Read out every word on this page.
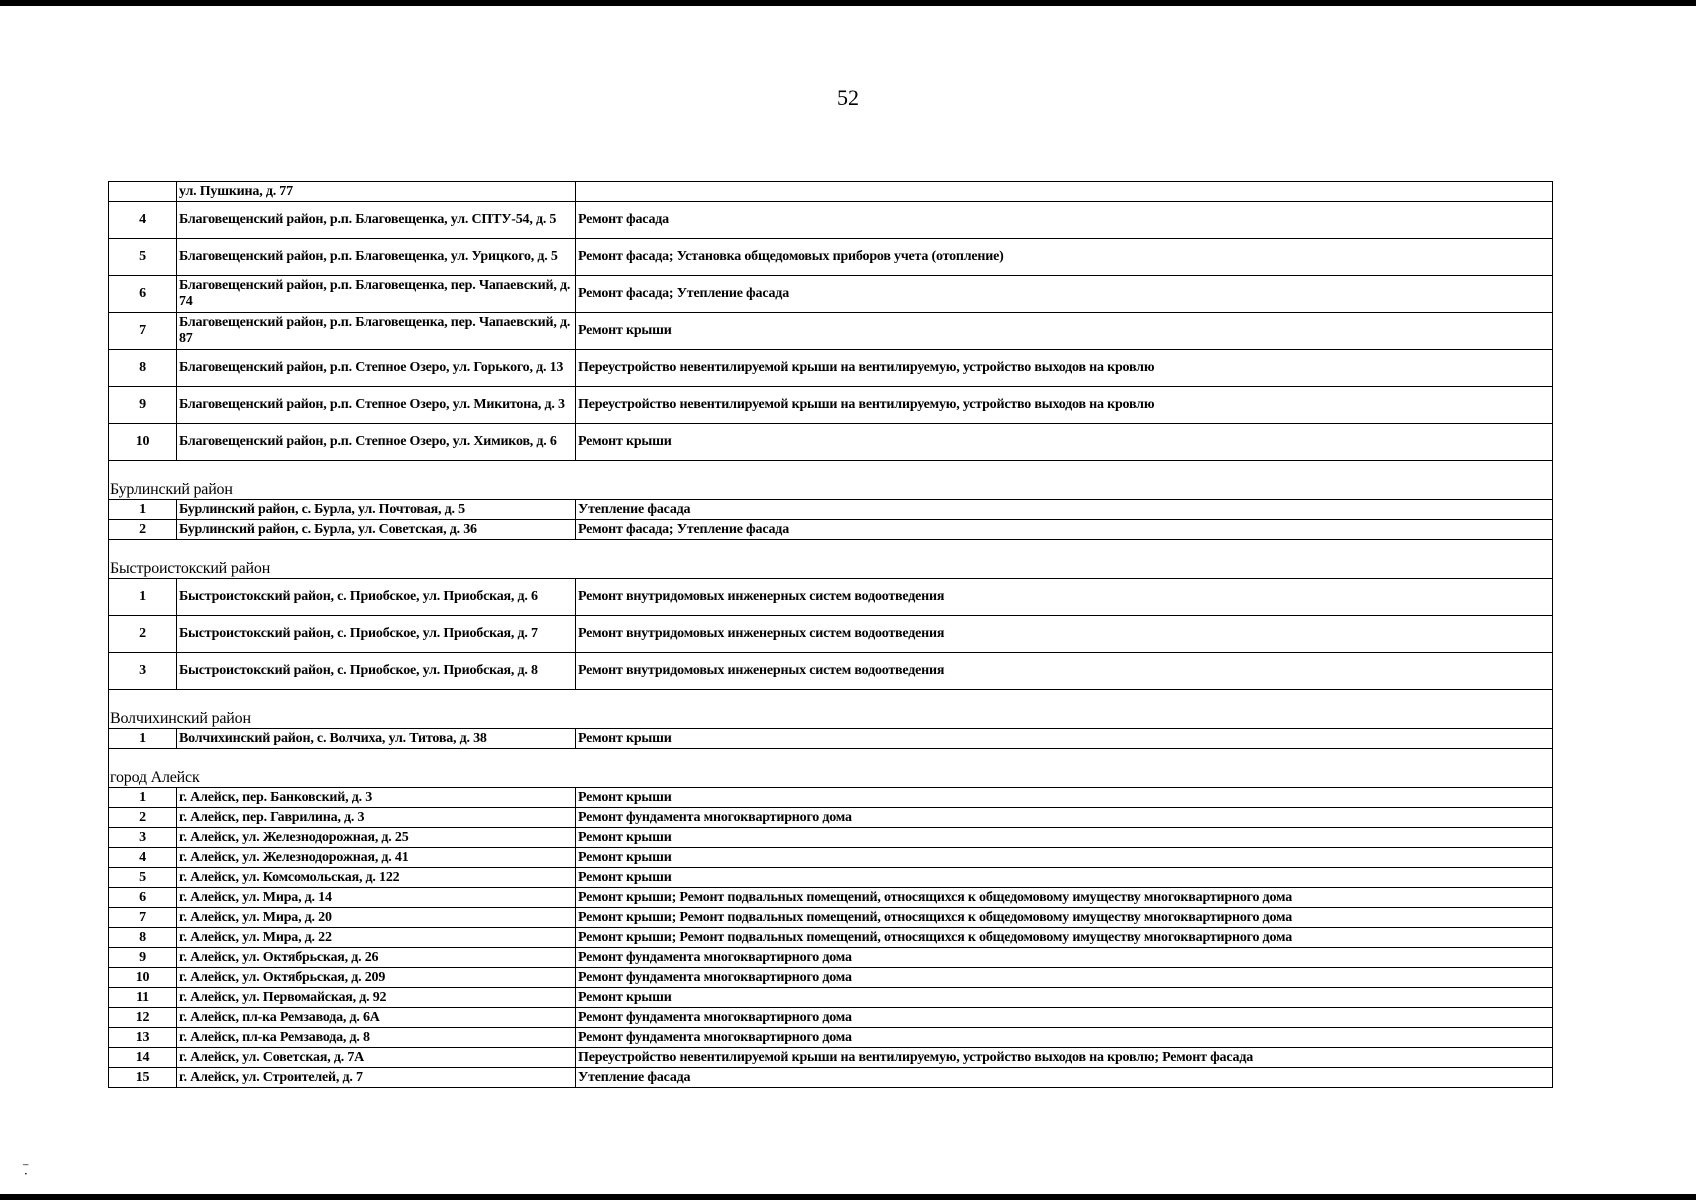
52
	ул. Пушкина, д. 77	
4	Благовещенский район, р.п. Благовещенка, ул. СПТУ-54, д. 5	Ремонт фасада
5	Благовещенский район, р.п. Благовещенка, ул. Урицкого, д. 5	Ремонт фасада; Установка общедомовых приборов учета (отопление)
6	Благовещенский район, р.п. Благовещенка, пер. Чапаевский, д. 74	Ремонт фасада; Утепление фасада
7	Благовещенский район, р.п. Благовещенка, пер. Чапаевский, д. 87	Ремонт крыши
8	Благовещенский район, р.п. Степное Озеро, ул. Горького, д. 13	Переустройство невентилируемой крыши на вентилируемую, устройство выходов на кровлю
9	Благовещенский район, р.п. Степное Озеро, ул. Микитона, д. 3	Переустройство невентилируемой крыши на вентилируемую, устройство выходов на кровлю
10	Благовещенский район, р.п. Степное Озеро, ул. Химиков, д. 6	Ремонт крыши
Бурлинский район		
1	Бурлинский район, с. Бурла, ул. Почтовая, д. 5	Утепление фасада
2	Бурлинский район, с. Бурла, ул. Советская, д. 36	Ремонт фасада; Утепление фасада
Быстроистокский район		
1	Быстроистокский район, с. Приобское, ул. Приобская, д. 6	Ремонт внутридомовых инженерных систем водоотведения
2	Быстроистокский район, с. Приобское, ул. Приобская, д. 7	Ремонт внутридомовых инженерных систем водоотведения
3	Быстроистокский район, с. Приобское, ул. Приобская, д. 8	Ремонт внутридомовых инженерных систем водоотведения
Волчихинский район		
1	Волчихинский район, с. Волчиха, ул. Титова, д. 38	Ремонт крыши
город Алейск		
1	г. Алейск, пер. Банковский, д. 3	Ремонт крыши
2	г. Алейск, пер. Гаврилина, д. 3	Ремонт фундамента многоквартирного дома
3	г. Алейск, ул. Железнодорожная, д. 25	Ремонт крыши
4	г. Алейск, ул. Железнодорожная, д. 41	Ремонт крыши
5	г. Алейск, ул. Комсомольская, д. 122	Ремонт крыши
6	г. Алейск, ул. Мира, д. 14	Ремонт крыши; Ремонт подвальных помещений, относящихся к общедомовому имуществу многоквартирного дома
7	г. Алейск, ул. Мира, д. 20	Ремонт крыши; Ремонт подвальных помещений, относящихся к общедомовому имуществу многоквартирного дома
8	г. Алейск, ул. Мира, д. 22	Ремонт крыши; Ремонт подвальных помещений, относящихся к общедомовому имуществу многоквартирного дома
9	г. Алейск, ул. Октябрьская, д. 26	Ремонт фундамента многоквартирного дома
10	г. Алейск, ул. Октябрьская, д. 209	Ремонт фундамента многоквартирного дома
11	г. Алейск, ул. Первомайская, д. 92	Ремонт крыши
12	г. Алейск, пл-ка Ремзавода, д. 6А	Ремонт фундамента многоквартирного дома
13	г. Алейск, пл-ка Ремзавода, д. 8	Ремонт фундамента многоквартирного дома
14	г. Алейск, ул. Советская, д. 7А	Переустройство невентилируемой крыши на вентилируемую, устройство выходов на кровлю; Ремонт фасада
15	г. Алейск, ул. Строителей, д. 7	Утепление фасада
⁻̣
